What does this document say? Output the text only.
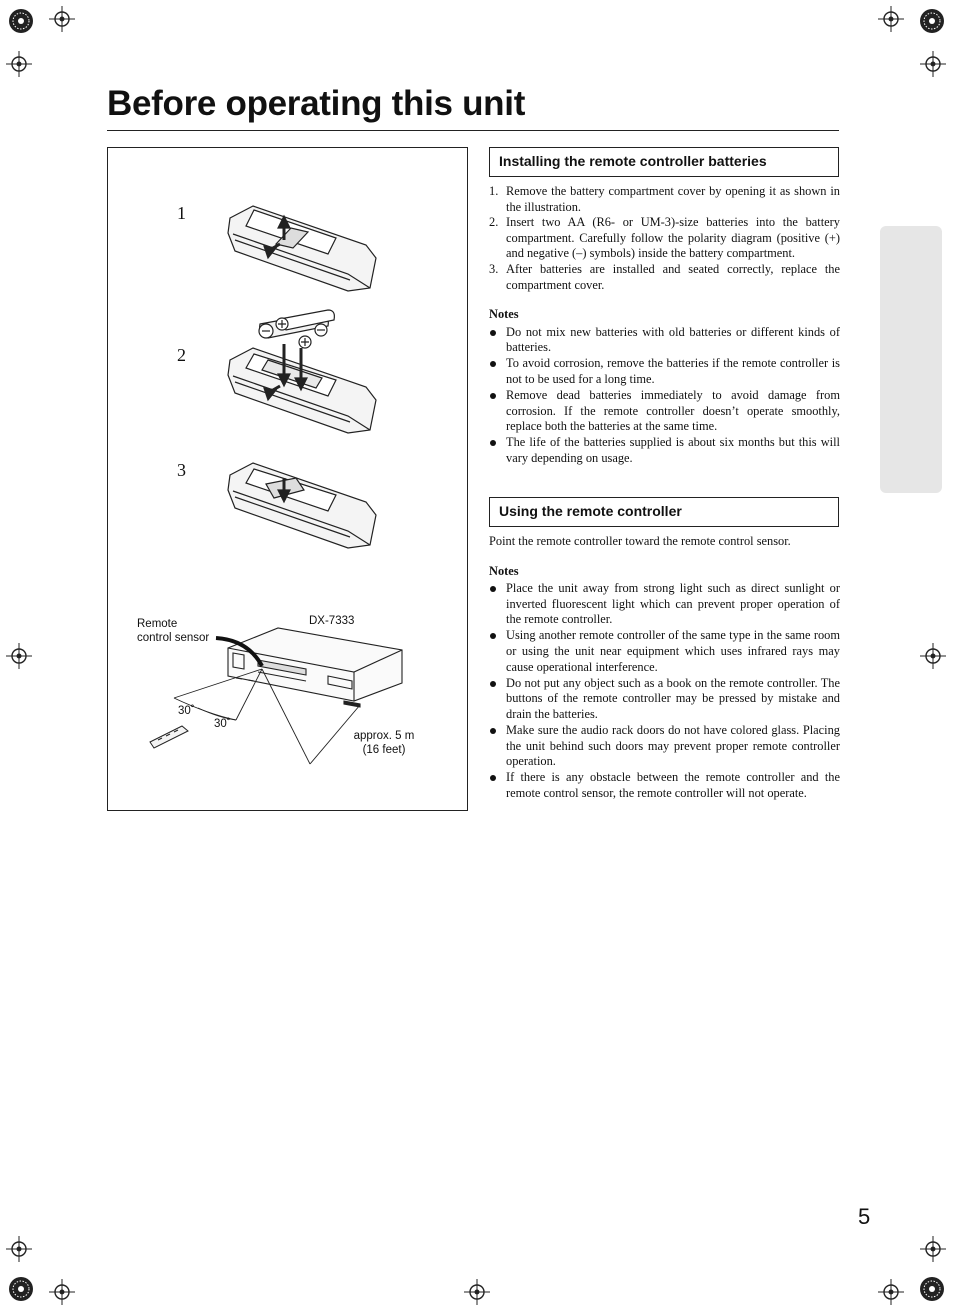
Before operating this unit
1
2
3
Remote
control sensor
DX-7333
30˚
30˚
approx. 5 m
(16 feet)
Installing the remote controller batteries
1. Remove the battery compartment cover by opening it as shown in the illustration.
2. Insert two AA (R6- or UM-3)-size batteries into the battery compartment. Carefully follow the polarity diagram (positive (+) and negative (–) symbols) inside the battery compartment.
3. After batteries are installed and seated correctly, replace the compartment cover.

Notes

Do not mix new batteries with old batteries or different kinds of batteries.
To avoid corrosion, remove the batteries if the remote controller is not to be used for a long time.
Remove dead batteries immediately to avoid damage from corrosion. If the remote controller doesn’t operate smoothly, replace both the batteries at the same time.
The life of the batteries supplied is about six months but this will vary depending on usage.
Using the remote controller

Point the remote controller toward the remote control sensor.

Notes

Place the unit away from strong light such as direct sunlight or inverted fluorescent light which can prevent proper operation of the remote controller.
Using another remote controller of the same type in the same room or using the unit near equipment which uses infrared rays may cause operational interference.
Do not put any object such as a book on the remote controller. The buttons of the remote controller may be pressed by mistake and drain the batteries.
Make sure the audio rack doors do not have colored glass. Placing the unit behind such doors may prevent proper remote controller operation.
If there is any obstacle between the remote controller and the remote control sensor, the remote controller will not operate.
5
